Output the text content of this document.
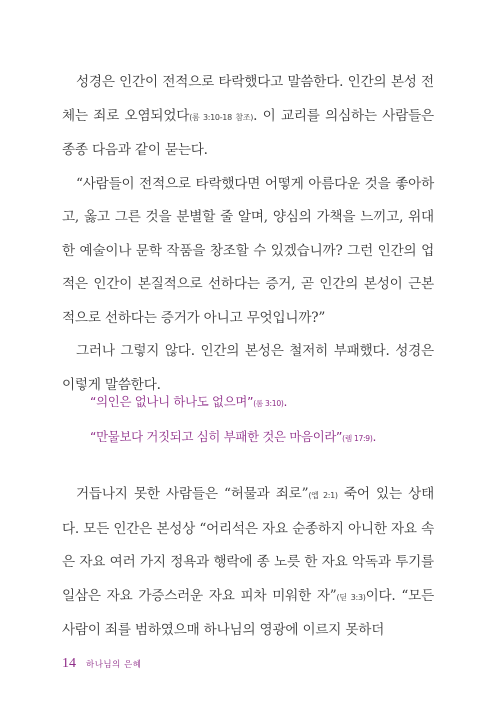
성경은 인간이 전적으로 타락했다고 말씀한다. 인간의 본성 전체는 죄로 오염되었다(롬 3:10-18 참조). 이 교리를 의심하는 사람들은 종종 다음과 같이 묻는다.

“사람들이 전적으로 타락했다면 어떻게 아름다운 것을 좋아하고, 옳고 그른 것을 분별할 줄 알며, 양심의 가책을 느끼고, 위대한 예술이나 문학 작품을 창조할 수 있겠습니까? 그런 인간의 업적은 인간이 본질적으로 선하다는 증거, 곧 인간의 본성이 근본적으로 선하다는 증거가 아니고 무엇입니까?”

그러나 그렇지 않다. 인간의 본성은 철저히 부패했다. 성경은 이렇게 말씀한다.

“의인은 없나니 하나도 없으며”(롬 3:10).

“만물보다 거짓되고 심히 부패한 것은 마음이라”(렘 17:9).

거듭나지 못한 사람들은 “허물과 죄로”(엡 2:1) 죽어 있는 상태다. 모든 인간은 본성상 “어리석은 자요 순종하지 아니한 자요 속은 자요 여러 가지 정욕과 행락에 종 노릇 한 자요 악독과 투기를 일삼은 자요 가증스러운 자요 피차 미워한 자”(딛 3:3)이다. “모든 사람이 죄를 범하였으매 하나님의 영광에 이르지 못하더

14 하나님의 은혜
